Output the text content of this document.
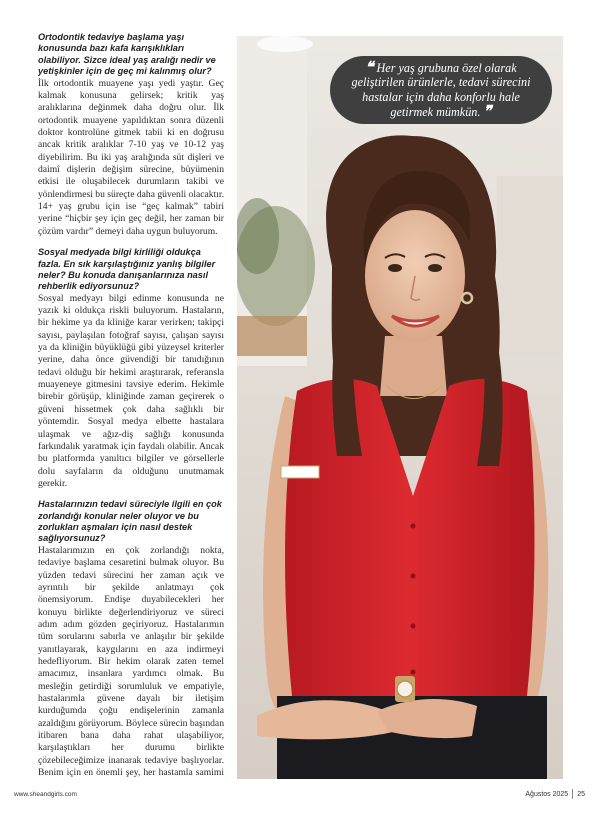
Ortodontik tedaviye başlama yaşı konusunda bazı kafa karışıklıkları olabiliyor. Sizce ideal yaş aralığı nedir ve yetişkinler için de geç mi kalınmış olur?

İlk ortodontik muayene yaşı yedi yaştır. Geç kalmak konusuna gelirsek; kritik yaş aralıklarına değinmek daha doğru olur. İlk ortodontik muayene yapıldıktan sonra düzenli doktor kontrolüne gitmek tabii ki en doğrusu ancak kritik aralıklar 7-10 yaş ve 10-12 yaş diyebilirim. Bu iki yaş aralığında süt dişleri ve daimî dişlerin değişim sürecine, büyümenin etkisi ile oluşabilecek durumların takibi ve yönlendirmesi bu süreçte daha güvenli olacaktır. 14+ yaş grubu için ise “geç kalmak” tabiri yerine “hiçbir şey için geç değil, her zaman bir çözüm vardır” demeyi daha uygun buluyorum.

Sosyal medyada bilgi kirliliği oldukça fazla. En sık karşılaştığınız yanlış bilgiler neler? Bu konuda danışanlarınıza nasıl rehberlik ediyorsunuz?

Sosyal medyayı bilgi edinme konusunda ne yazık ki oldukça riskli buluyorum. Hastaların, bir hekime ya da kliniğe karar verirken; takipçi sayısı, paylaşılan fotoğraf sayısı, çalışan sayısı ya da kliniğin büyüklüğü gibi yüzeysel kriterler yerine, daha önce güvendiği bir tanıdığının tedavi olduğu bir hekimi araştırarak, referansla muayeneye gitmesini tavsiye ederim. Hekimle birebir görüşüp, kliniğinde zaman geçirerek o güveni hissetmek çok daha sağlıklı bir yöntemdir. Sosyal medya elbette hastalara ulaşmak ve ağız-diş sağlığı konusunda farkındalık yaratmak için faydalı olabilir. Ancak bu platformda yanıltıcı bilgiler ve görsellerle dolu sayfaların da olduğunu unutmamak gerekir.

Hastalarınızın tedavi süreciyle ilgili en çok zorlandığı konular neler oluyor ve bu zorlukları aşmaları için nasıl destek sağlıyorsunuz?

Hastalarımızın en çok zorlandığı nokta, tedaviye başlama cesaretini bulmak oluyor. Bu yüzden tedavi sürecini her zaman açık ve ayrıntılı bir şekilde anlatmayı çok önemsiyorum. Endişe duyabilecekleri her konuyu birlikte değerlendiriyoruz ve süreci adım adım gözden geçiriyoruz. Hastalarımın tüm sorularını sabırla ve anlaşılır bir şekilde yanıtlayarak, kaygılarını en aza indirmeyi hedefliyorum. Bir hekim olarak zaten temel amacımız, insanlara yardımcı olmak. Bu mesleğin getirdiği sorumluluk ve empatiyle, hastalarımla güvene dayalı bir iletişim kurduğumda çoğu endişelerinin zamanla azaldığını görüyorum. Böylece sürecin başından itibaren bana daha rahat ulaşabiliyor, karşılaştıkları her durumu birlikte çözebileceğimize inanarak tedaviye başlıyorlar. Benim için en önemli şey, her hastamla samimi

❝ Her yaş grubuna özel olarak geliştirilen ürünlerle, tedavi sürecini hastalar için daha konforlu hale getirmek mümkün. ❞
www.sheandgirls.com	Ağustos 2025 25
